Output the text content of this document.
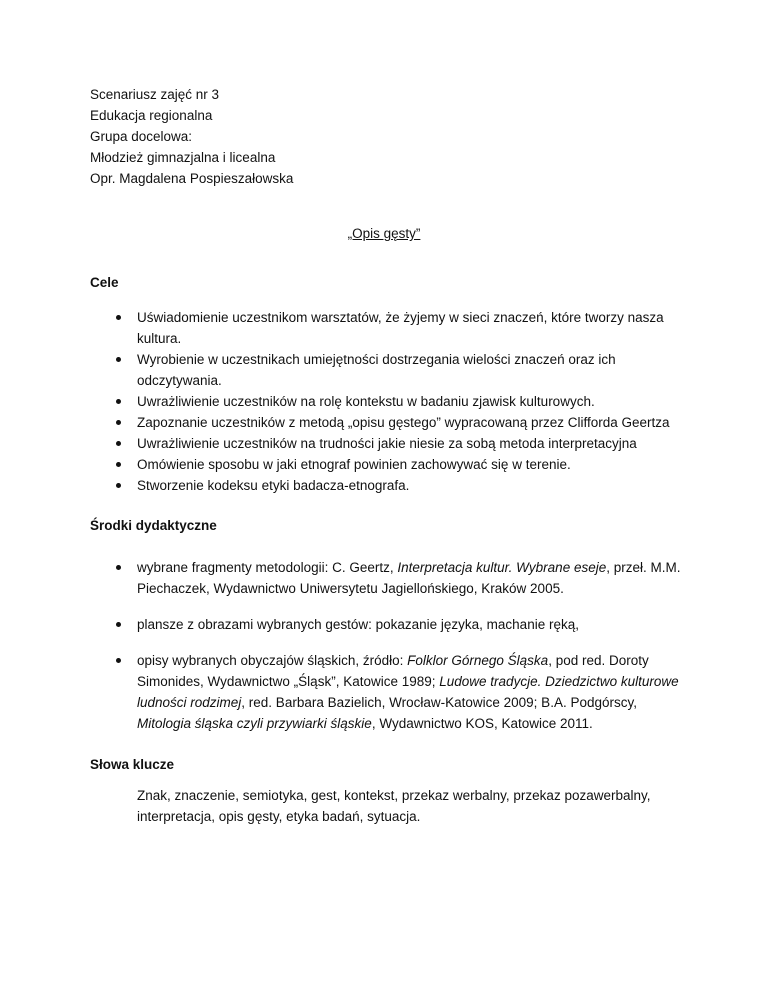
Scenariusz zajęć nr 3
Edukacja regionalna
Grupa docelowa:
Młodzież gimnazjalna i licealna
Opr. Magdalena Pospieszałowska
„Opis gęsty”
Cele
Uświadomienie uczestnikom warsztatów, że żyjemy w sieci znaczeń, które tworzy nasza kultura.
Wyrobienie w uczestnikach umiejętności dostrzegania wielości znaczeń oraz ich odczytywania.
Uwrażliwienie uczestników na rolę kontekstu w badaniu zjawisk kulturowych.
Zapoznanie uczestników z metodą „opisu gęstego” wypracowaną przez Clifforda Geertza
Uwrażliwienie uczestników na trudności jakie niesie za sobą metoda interpretacyjna
Omówienie sposobu w jaki etnograf powinien zachowywać się w terenie.
Stworzenie kodeksu etyki badacza-etnografa.
Środki dydaktyczne
wybrane fragmenty metodologii: C. Geertz, Interpretacja kultur. Wybrane eseje, przeł. M.M. Piechaczek, Wydawnictwo Uniwersytetu Jagiellońskiego, Kraków 2005.
plansze z obrazami wybranych gestów: pokazanie języka, machanie ręką,
opisy wybranych obyczajów śląskich, źródło: Folklor Górnego Śląska, pod red. Doroty Simonides, Wydawnictwo „Śląsk”, Katowice 1989; Ludowe tradycje. Dziedzictwo kulturowe ludności rodzimej, red. Barbara Bazielich, Wrocław-Katowice 2009; B.A. Podgórscy, Mitologia śląska czyli przywiarki śląskie, Wydawnictwo KOS, Katowice 2011.
Słowa klucze
Znak, znaczenie, semiotyka, gest, kontekst, przekaz werbalny, przekaz pozawerbalny, interpretacja, opis gęsty, etyka badań, sytuacja.
